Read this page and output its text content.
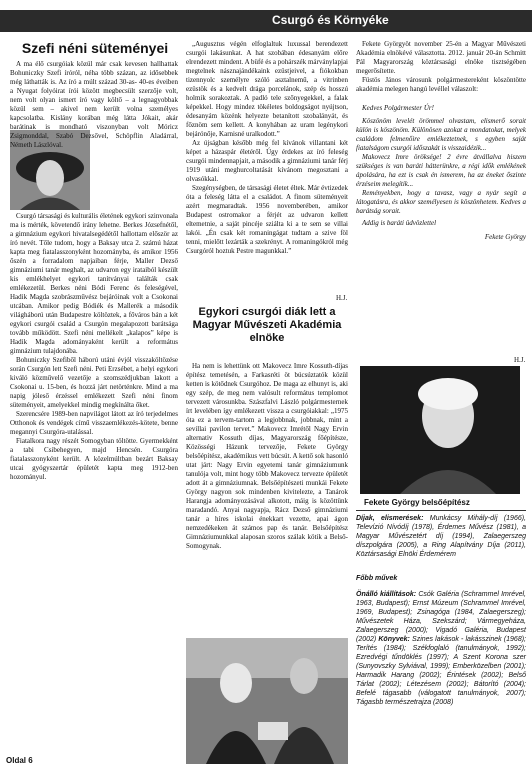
Csurgó és Környéke
Szefi néni süteményei

A ma élő csurgóiak közül már csak kevesen hallhattak Bohuniczky Szefi íróról, néha több százan, az idősebbek még láthatták is. Az író a múlt század 30-as- 40-es éveiben a Nyugat folyóirat írói között megbecsült szerzője volt, nem volt olyan ismert író vagy költő – a legnagyobbak közül sem – akivel nem került volna személyes kapcsolatba. Kislány korában még látta Jókait, akár barátinak is mondható viszonyban volt Móricz Zsigmonddal, Szabó Dezsővel, Schöpflin Aladárral, Németh Lászlóval.

Csurgó társasági és kulturális életének egykori szinvonala ma is mérték, követendő irány lehetne. Berkes Józsefnétől, a gimnázium egykori hivatalsegédétől hallottam először az író nevét. Tőle tudom, hogy a Baksay utca 2. számú házat kapta meg fiatalasszonyként hozományba, és amikor 1956 őszén a forradalom napjaiban férje, Maller Dezső gimnáziumi tanár meghalt, az udvaron egy irataiból készült kis emlékhelyet egykori tanítványai találták csak emlékezetül. Berkes néni Bódi Ferenc és feleségével, Hadik Magda szobrászművész bejáróinak volt a Csokonai utcában. Amikor pedig Bódiék és Mallerék a második világháború után Budapestre költöztek, a főváros bán a két egykori csurgói család a Csurgón megalapozott barátsága tovább működött. Szefi néni mellékelt „kalapos” képe is Hadik Magda adományaként került a református gimnázium tulajdonába.

Bohuniczky Szefiből háború utáni évjól visszaköltözése során Csurgón lett Szefi néni. Peti Erzsébet, a helyi egykori kiváló közművelő vezetője a szomszédjukban lakott a Csokonai u. 15-ben, és hozzá járt netörténkre. Mind a ma napig jóleső érzéssel emlékezett Szefi néni finom süteményeit, amelyekkel mindig megkínálta őket.

Szerencsére 1989-ben napvilágot látott az író terjedelmes Otthonok és vendégek című visszaemlékezés-kötete, benne megannyi Csurgóra-utalással.

Fiatalkora nagy részét Somogyban töltötte. Gyermekként a tabi Csibehegyen, majd Hencsén. Csurgóra fiatalasszonyként került. A közelmúltban bezárt Baksay utcai gyógyszertár épületét kapta meg 1912-ben hozományul.

„Augusztus végén elfoglaltuk luxussal berendezett csurgói lakásunkat. A hat szobában édesanyám előre elrendezett mindent. A büfé és a pohárszék márványlapjai megtelnek násznajándékaink ezüstjeivel, a fiókokban tizennyolc személyre szóló asztalnemű, a vitrinben ezüstök és a kedvelt drága porcelánok, szép és hosszú holmik sorakoztak. A padló tele szőnyegekkel, a falak képekkel. Hogy mindez tökéletes boldogságot nyújtson, édesanyám közénk helyezte betanított szobalányát, és főznöm sem kellett. A konyhában az uram legénykori bejárónője, Karnisné uralkodott.”

Az újságban később még fel kívánok villantani két képet a házaspár életéről. Úgy érdekes az író feleség csurgói mindennapjait, a második a gimnáziumi tanár férj 1919 utáni meghurcoltatását kívánom megosztani a olvasókkal.

Szegénységben, de társasági életet éltek. Már évtizedek óta a feleség látta el a családot. A finom süteményeit azért megmaradtak. 1956 novemberében, amikor Budapest ostromakor a férjét az udvaron kellett eltemetnie, a saját pincéje sziálta ki a te sem se villai lakói. „Én csak két romaningágat tudtam a szive föl tenni, mielőtt lezárták a szekrényt. A romaningókról még Csurgóról hoztuk Pestre magunkkal.”

H.J.
Egykori csurgói diák lett a Magyar Művészeti Akadémia elnöke

Ha nem is lehettünk ott Makovecz Imre Kossuth-díjas építész temetésén, a Farkasréti öt búcsúztatók közül ketten is kötődnek Csurgóhoz. De maga az elhunyt is, aki egy szép, de meg nem valósult református templomot tervezett városunkba. Szászfalvi László polgármesternek írt levelében így emlékezett vissza a csurgóiakkal: „1975 óta ez a tervem-tartom a legjobbnak, jobbnak, mint a sevillai pavilon tervet.” Makovecz Imrétől Nagy Ervin alternativ Kossuth díjas, Magyarország főépítésze, Közösségi Házunk tervezője, Fekete György belsőépítész, akadémikus vett búcsút. A kettő sok hasonló utat járt: Nagy Ervin egyetemi tanár gimnáziumunk tanulója volt, mint hogy több Makovecz tervezte épületét adott át a gimnáziumnak. Belsőépítészeti munkái Fekete György nagyon sok mindenben kivitelezte, a Tanárok Harangja adományozásával alkotott, máig is közöttünk maradandó. Anyai nagyapja, Rácz Dezső gimnáziumi tanár a híres iskolai énekkart vezette, apai ágon nemzedékeken át számos pap és tanár. Belsőépítész Gimnáziumunkkal alaposan szoros szálak kötik a Belső-Somogynak.

Fekete Györgyöt november 25-én a Magyar Művészeti Akadémia elnökévé választotta. 2012. január 20-án Schmitt Pál Magyarország köztársasági elnöke tisztségében megerősítette.

Füstös János városunk polgármestereként köszöntötte akadémia melegen hangú levéllel válaszolt:

Kedves Polgármester Úr!

Köszönöm levelét örömmel olvastam, elismerő sorait külön is köszönöm. Különösen azokat a mondatokat, melyek családom felmenőire emlékeztetnek, s egyben saját fiatalságom csurgói időszakát is visszaidézik...

Makovecz Imre öröksége! 2 évre átvállalva hiszem szükséges is van baráti hátterünkre, a régi idők emlékének ápolására, ha ezt is csak én ismerem, ha az éneket őszinte érzéseim melegítik...

Reményekben, hogy a tavasz, vagy a nyár segít a látogatásra, és akkor személyesen is köszönhetem. Kedves a barátság sorait.

Addig is baráti üdvözlettel

Fekete György
H.J.
Fekete György belsőépítész
Díjak, elismerések: Munkácsy Mihály-díj (1966), Televízió Nívódíj (1978), Érdemes Művész (1981), a Magyar Művészetért díj (1994), Zalaegerszeg díszpolgára (2005), a Ring Alapítvány Díja (2011), Köztársasági Elnöki Érdemérem
Főbb művek
Önálló kiállítások: Csók Galéria (Schrammel Imrével, 1963, Budapest); Ernst Múzeum (Schrammel Imrével, 1969, Budapest); Zsinagóga (1984, Zalaegerszeg); Művészetek Háza, Szekszárd; Vármegyeháza, Zalaegerszeg (2000); Vigadó Galéria, Budapest (2002) Könyvek: Szines lakások - lakásszinek (1968); Terítés (1984); Székfoglaló (tanulmányok, 1992); Ezredvégi tűndöklés (1997); A Szent Korona szer (Sunyovszky Sylviával, 1999); Emberközelben (2001); Harmadik Harang (2002); Érintések (2002); Belső Tárlat (2002); Létezésem (2002); Bátorító (2004); Befelé tágasabb (válogatott tanulmányok, 2007); Tágasbb természetrajza (2008)
Oldal 6
